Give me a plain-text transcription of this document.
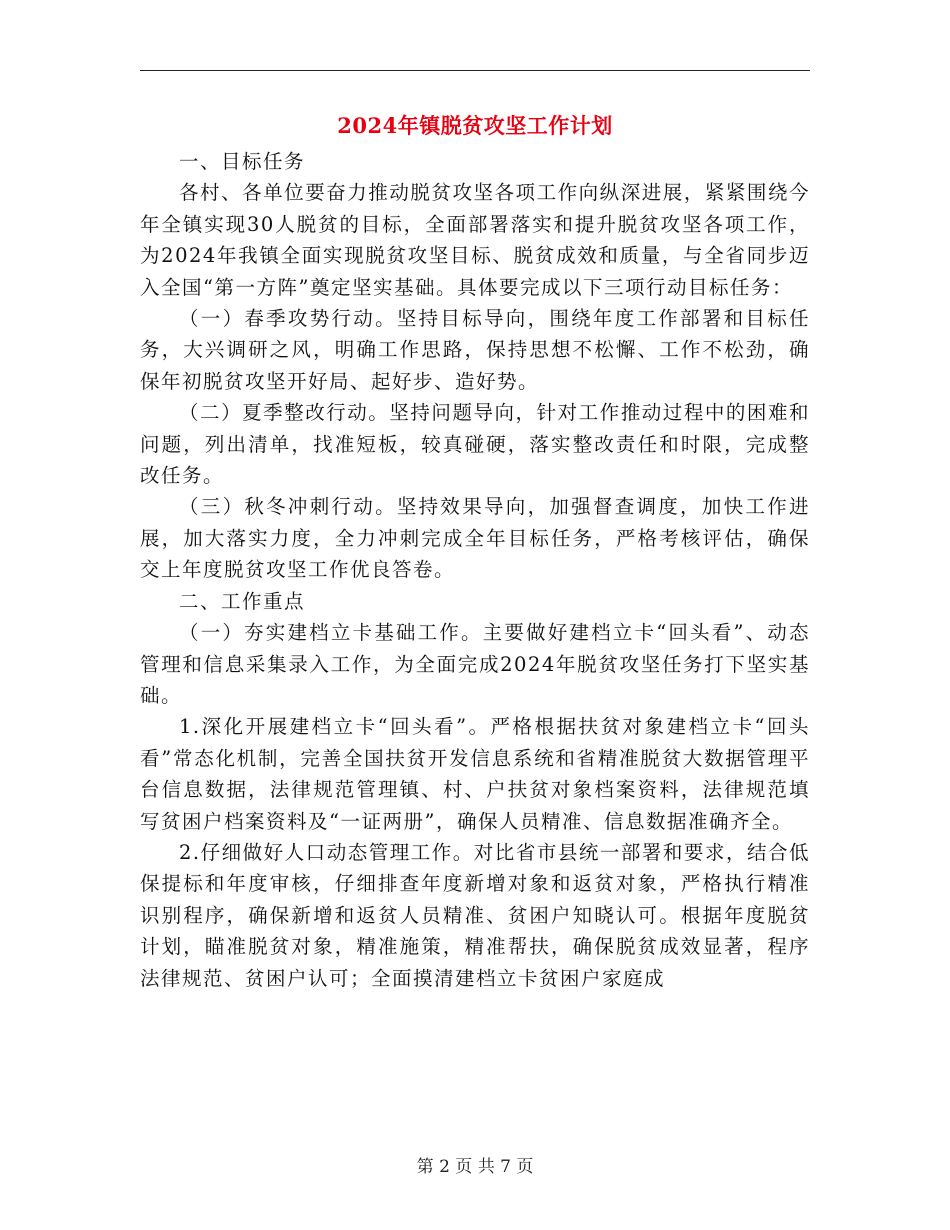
2024年镇脱贫攻坚工作计划

一、目标任务

各村、各单位要奋力推动脱贫攻坚各项工作向纵深进展，紧紧围绕今年全镇实现30人脱贫的目标，全面部署落实和提升脱贫攻坚各项工作，为2024年我镇全面实现脱贫攻坚目标、脱贫成效和质量，与全省同步迈入全国“第一方阵”奠定坚实基础。具体要完成以下三项行动目标任务：

（一）春季攻势行动。坚持目标导向，围绕年度工作部署和目标任务，大兴调研之风，明确工作思路，保持思想不松懈、工作不松劲，确保年初脱贫攻坚开好局、起好步、造好势。

（二）夏季整改行动。坚持问题导向，针对工作推动过程中的困难和问题，列出清单，找准短板，较真碰硬，落实整改责任和时限，完成整改任务。

（三）秋冬冲刺行动。坚持效果导向，加强督查调度，加快工作进展，加大落实力度，全力冲刺完成全年目标任务，严格考核评估，确保交上年度脱贫攻坚工作优良答卷。

二、工作重点

（一）夯实建档立卡基础工作。主要做好建档立卡“回头看”、动态管理和信息采集录入工作，为全面完成2024年脱贫攻坚任务打下坚实基础。

1.深化开展建档立卡“回头看”。严格根据扶贫对象建档立卡“回头看”常态化机制，完善全国扶贫开发信息系统和省精准脱贫大数据管理平台信息数据，法律规范管理镇、村、户扶贫对象档案资料，法律规范填写贫困户档案资料及“一证两册”，确保人员精准、信息数据准确齐全。

2.仔细做好人口动态管理工作。对比省市县统一部署和要求，结合低保提标和年度审核，仔细排查年度新增对象和返贫对象，严格执行精准识别程序，确保新增和返贫人员精准、贫困户知晓认可。根据年度脱贫计划，瞄准脱贫对象，精准施策，精准帮扶，确保脱贫成效显著，程序法律规范、贫困户认可；全面摸清建档立卡贫困户家庭成

第 2 页 共 7 页
